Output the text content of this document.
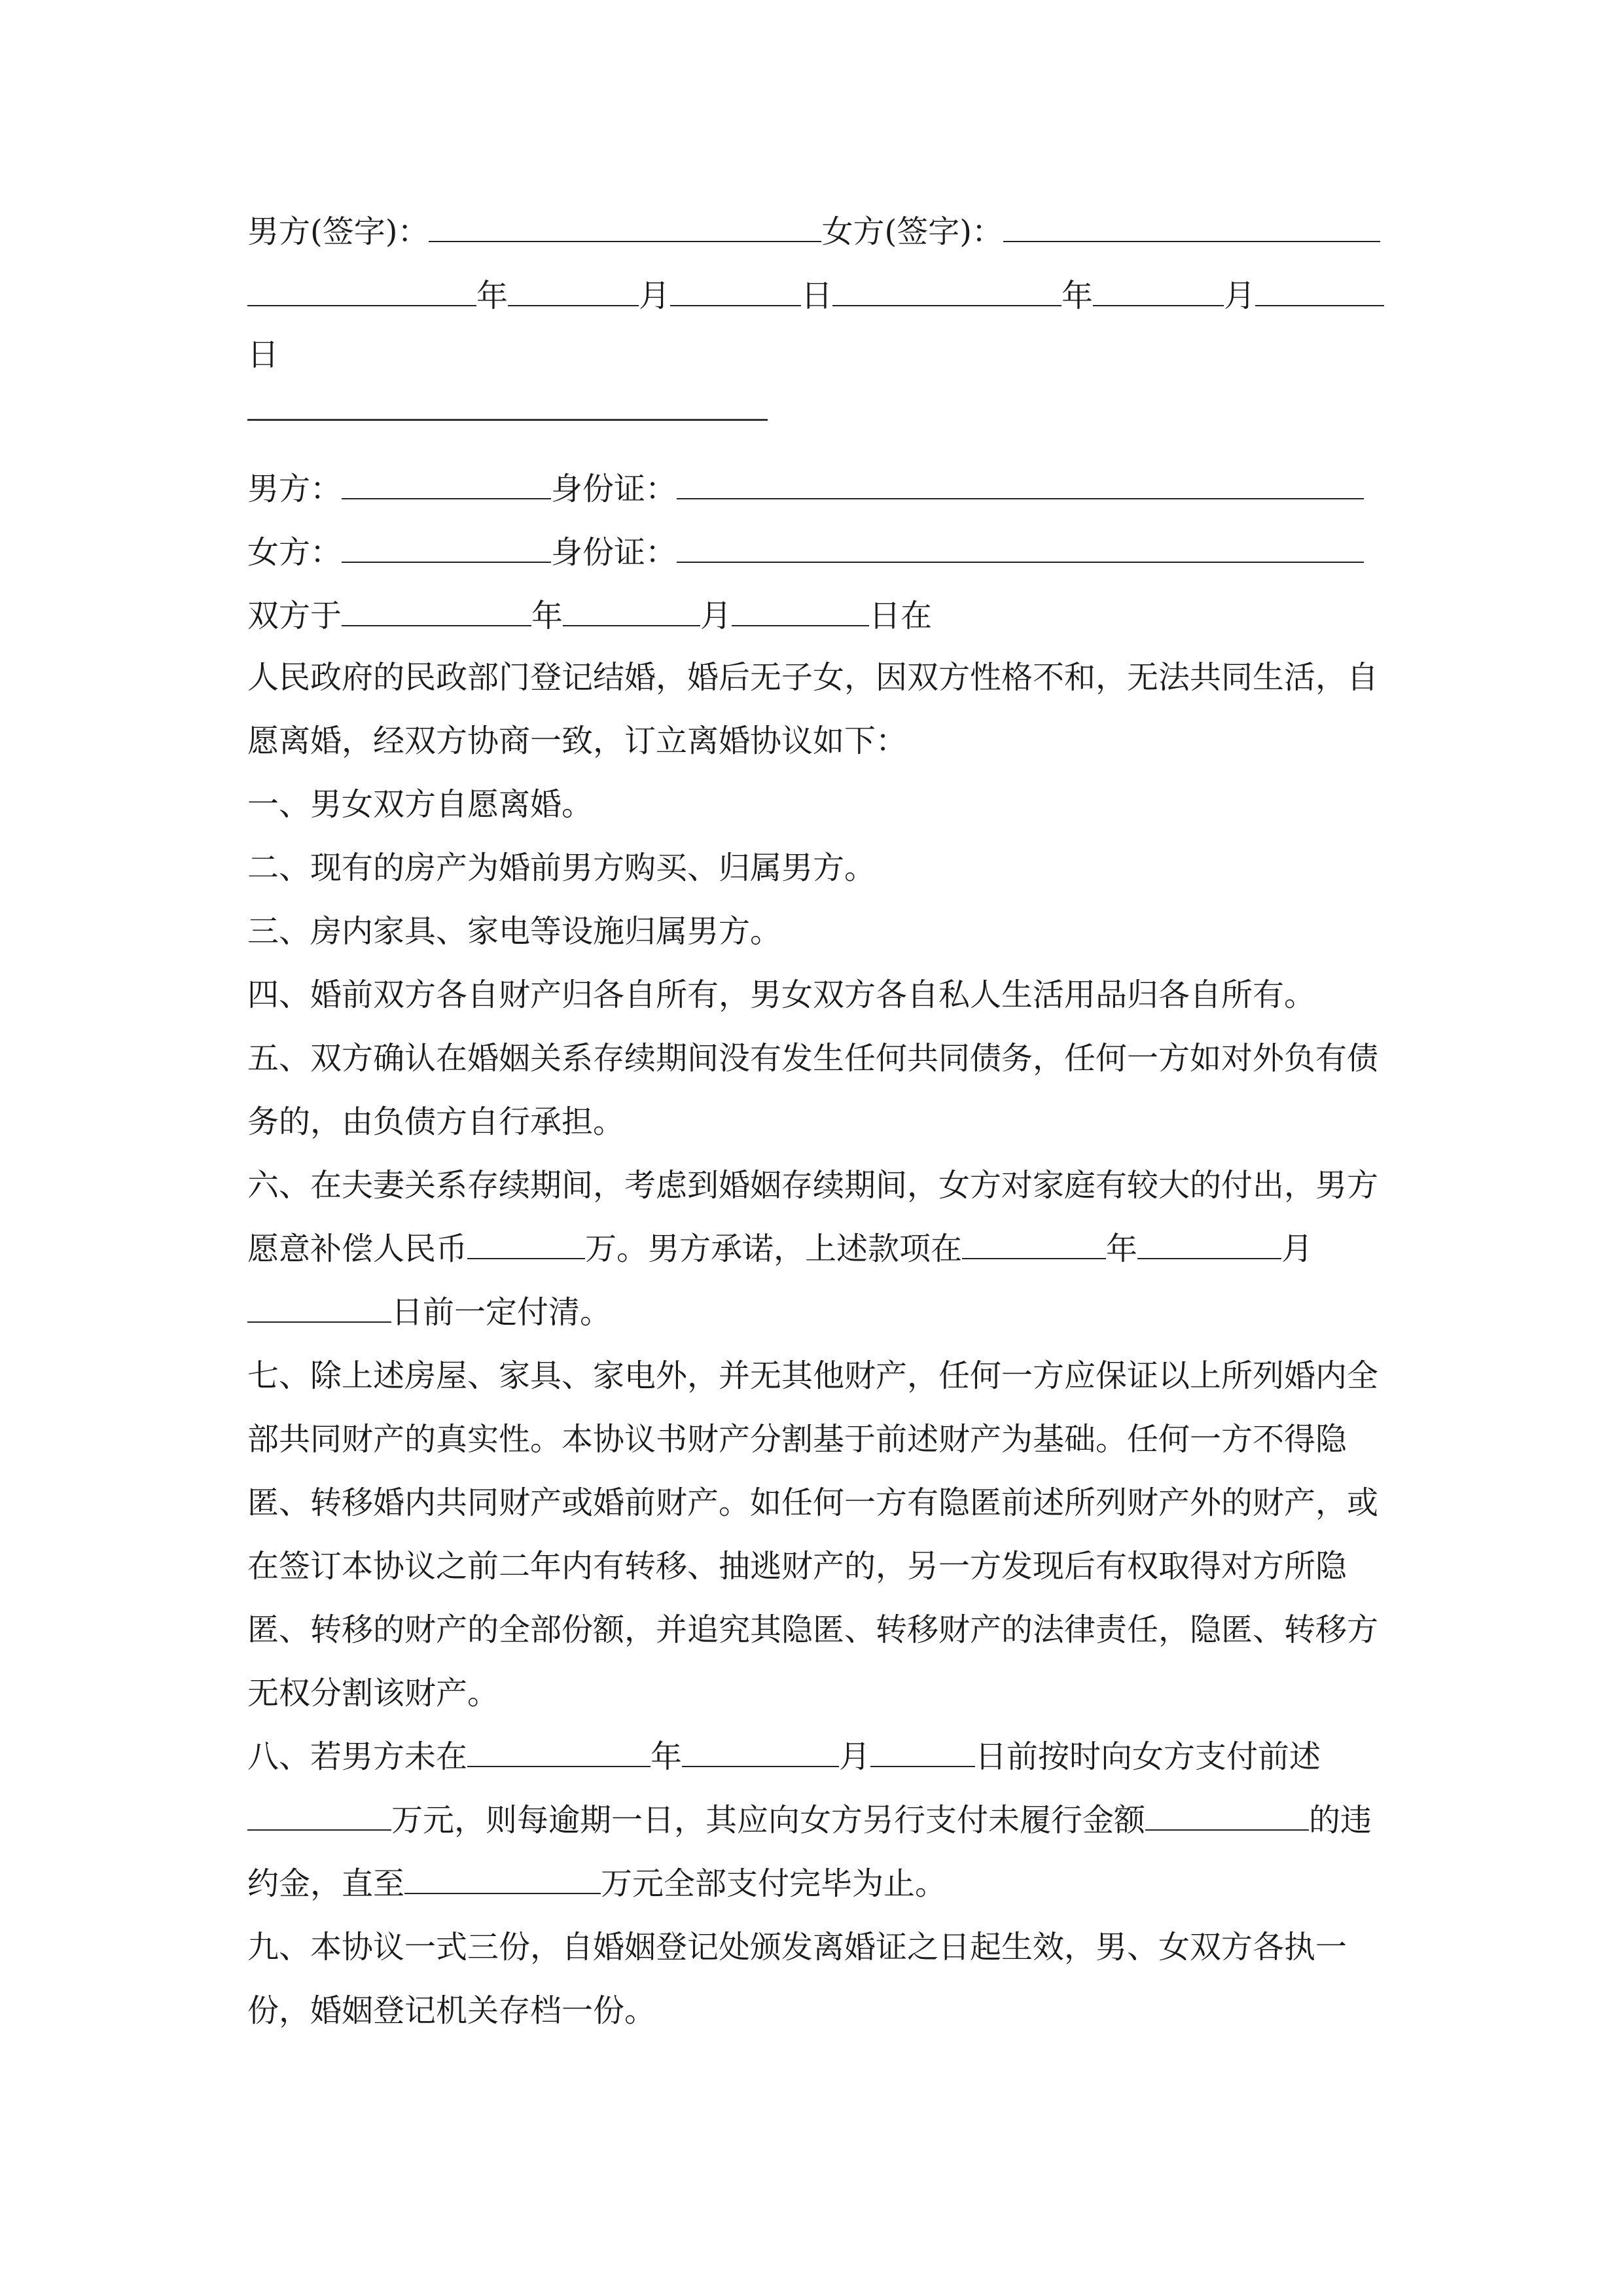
男方(签字)：	女方(签字)：
年	月	日	年	月
日
男方：	身份证：
女方：	身份证：
双方于	年	月	日在

人民政府的民政部门登记结婚，婚后无子女，因双方性格不和，无法共同生活，自愿离婚，经双方协商一致，订立离婚协议如下：

一、男女双方自愿离婚。

二、现有的房产为婚前男方购买、归属男方。

三、房内家具、家电等设施归属男方。

四、婚前双方各自财产归各自所有，男女双方各自私人生活用品归各自所有。

五、双方确认在婚姻关系存续期间没有发生任何共同债务，任何一方如对外负有债务的，由负债方自行承担。

六、在夫妻关系存续期间，考虑到婚姻存续期间，女方对家庭有较大的付出，男方愿意补偿人民币	万。男方承诺，上述款项在	年	月日前一定付清。

七、除上述房屋、家具、家电外，并无其他财产，任何一方应保证以上所列婚内全部共同财产的真实性。本协议书财产分割基于前述财产为基础。任何一方不得隐匿、转移婚内共同财产或婚前财产。如任何一方有隐匿前述所列财产外的财产，或在签订本协议之前二年内有转移、抽逃财产的，另一方发现后有权取得对方所隐匿、转移的财产的全部份额，并追究其隐匿、转移财产的法律责任，隐匿、转移方无权分割该财产。

八、若男方未在	年	月	日前按时向女方支付前述万元，则每逾期一日，其应向女方另行支付未履行金额	的违约金，直至	万元全部支付完毕为止。

九、本协议一式三份，自婚姻登记处颁发离婚证之日起生效，男、女双方各执一份，婚姻登记机关存档一份。
